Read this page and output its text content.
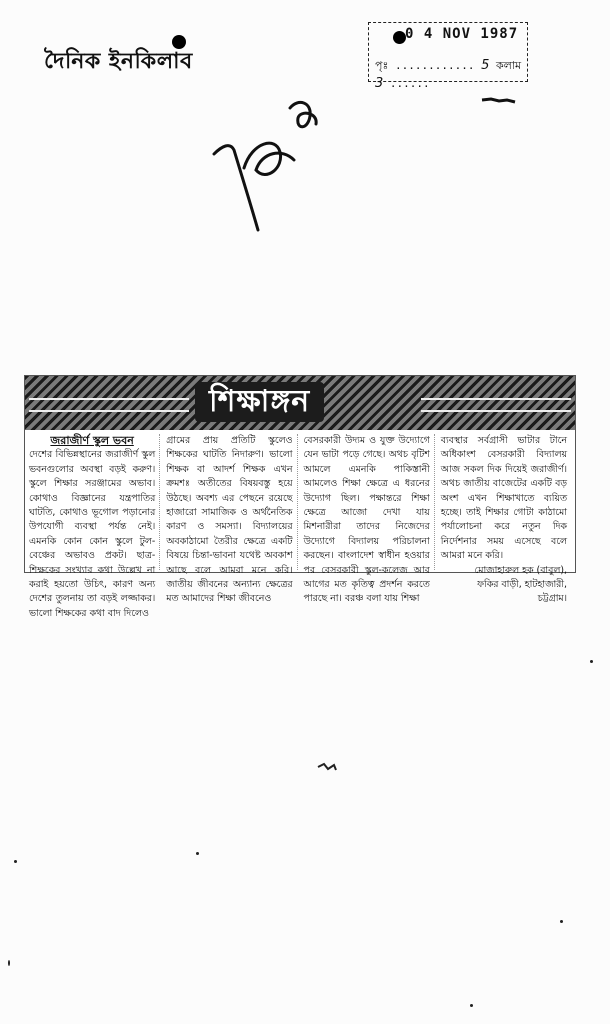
দৈনিক ইনকিলাব
0 4 NOV 1987
পৃঃ ............ 5 কলাম 3 ......
শিক্ষাঙ্গন
জরাজীর্ণ স্কুল ভবন
দেশের বিভিন্নস্থানের জরাজীর্ণ স্কুল ভবনগুলোর অবস্থা বড়ই করুণ। স্কুলে শিক্ষার সরঞ্জামের অভাব। কোথাও বিজ্ঞানের যন্ত্রপাতির ঘাটতি, কোথাও ভূগোল পড়ানোর উপযোগী ব্যবস্থা পর্যন্ত নেই। এমনকি কোন কোন স্কুলে টুল-বেঞ্চের অভাবও প্রকট। ছাত্র-শিক্ষকের সংখ্যার কথা উল্লেখ না করাই হয়তো উচিৎ, কারণ অন্য দেশের তুলনায় তা বড়ই লজ্জাকর। ভালো শিক্ষকের কথা বাদ দিলেও
গ্রামের প্রায় প্রতিটি স্কুলেও শিক্ষকের ঘাটতি নিদারুণ। ভালো শিক্ষক বা আদর্শ শিক্ষক এখন ক্রমশঃ অতীতের বিষয়বস্তু হয়ে উঠছে। অবশ্য এর পেছনে রয়েছে হাজারো সামাজিক ও অর্থনৈতিক কারণ ও সমস্যা। বিদ্যালয়ের অবকাঠামো তৈরীর ক্ষেত্রে একটি বিষয়ে চিন্তা-ভাবনা যথেষ্ট অবকাশ আছে বলে আমরা মনে করি। জাতীয় জীবনের অন্যান্য ক্ষেত্রের মত আমাদের শিক্ষা জীবনেও
বেসরকারী উদ্যম ও যুক্ত উদ্যোগে যেন ভাটা পড়ে গেছে। অথচ বৃটিশ আমলে এমনকি পাকিস্তানী আমলেও শিক্ষা ক্ষেত্রে এ ধরনের উদ্যোগ ছিল। পক্ষান্তরে শিক্ষা ক্ষেত্রে আজো দেখা যায় মিশনারীরা তাদের নিজেদের উদ্যোগে বিদ্যালয় পরিচালনা করছেন। বাংলাদেশ স্বাধীন হওয়ার পর বেসরকারী স্কুল-কলেজ আর আগের মত কৃতিত্ব প্রদর্শন করতে পারছে না। বরঞ্চ বলা যায় শিক্ষা
ব্যবস্থার সর্বগ্রাসী ভাটার টানে অধিকাংশ বেসরকারী বিদ্যালয় আজ সকল দিক দিয়েই জরাজীর্ণ। অথচ জাতীয় বাজেটের একটি বড় অংশ এখন শিক্ষাখাতে ব্যয়িত হচ্ছে। তাই শিক্ষার গোটা কাঠামো পর্যালোচনা করে নতুন দিক নির্দেশনার সময় এসেছে বলে আমরা মনে করি।
মোজাহারুল হক (বাবুল),
ফকির বাড়ী, হাটহাজারী,
চট্টগ্রাম।
